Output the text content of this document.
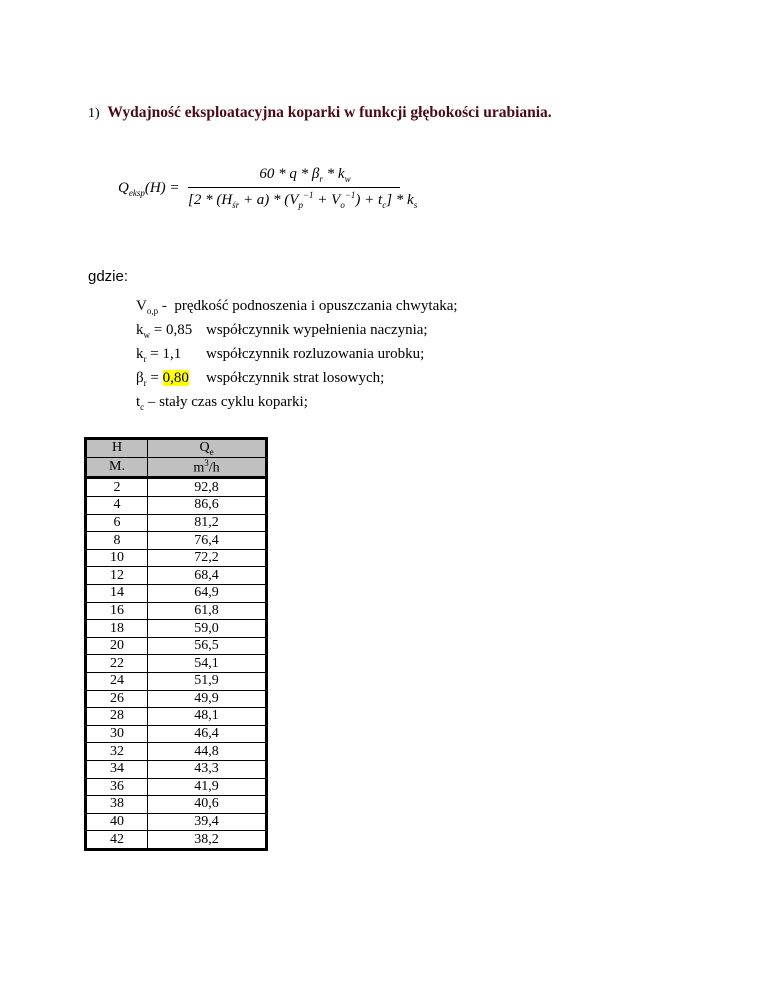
1) Wydajność eksploatacyjna koparki w funkcji głębokości urabiania.
$Q_{eksp}(H)$ =
60 * q * $\beta_r * k_w$
$[2 * (H_{śr} + a) * (V_p^{-1} + V_o^{-1}) + t_c] * k_s$
gdzie:
$V_{o,p}$ - prędkość podnoszenia i opuszczania chwytaka;
$k_w = 0,85$ współczynnik wypełnienia naczynia;
$k_r = 1,1$ współczynnik rozluzowania urobku;
$\beta_r = 0,80$ współczynnik strat losowych;
$t_c$ – stały czas cyklu koparki;
H	$Q_e$
M.	$m^3/h$
2	92,8
4	86,6
6	81,2
8	76,4
10	72,2
12	68,4
14	64,9
16	61,8
18	59,0
20	56,5
22	54,1
24	51,9
26	49,9
28	48,1
30	46,4
32	44,8
34	43,3
36	41,9
38	40,6
40	39,4
42	38,2
